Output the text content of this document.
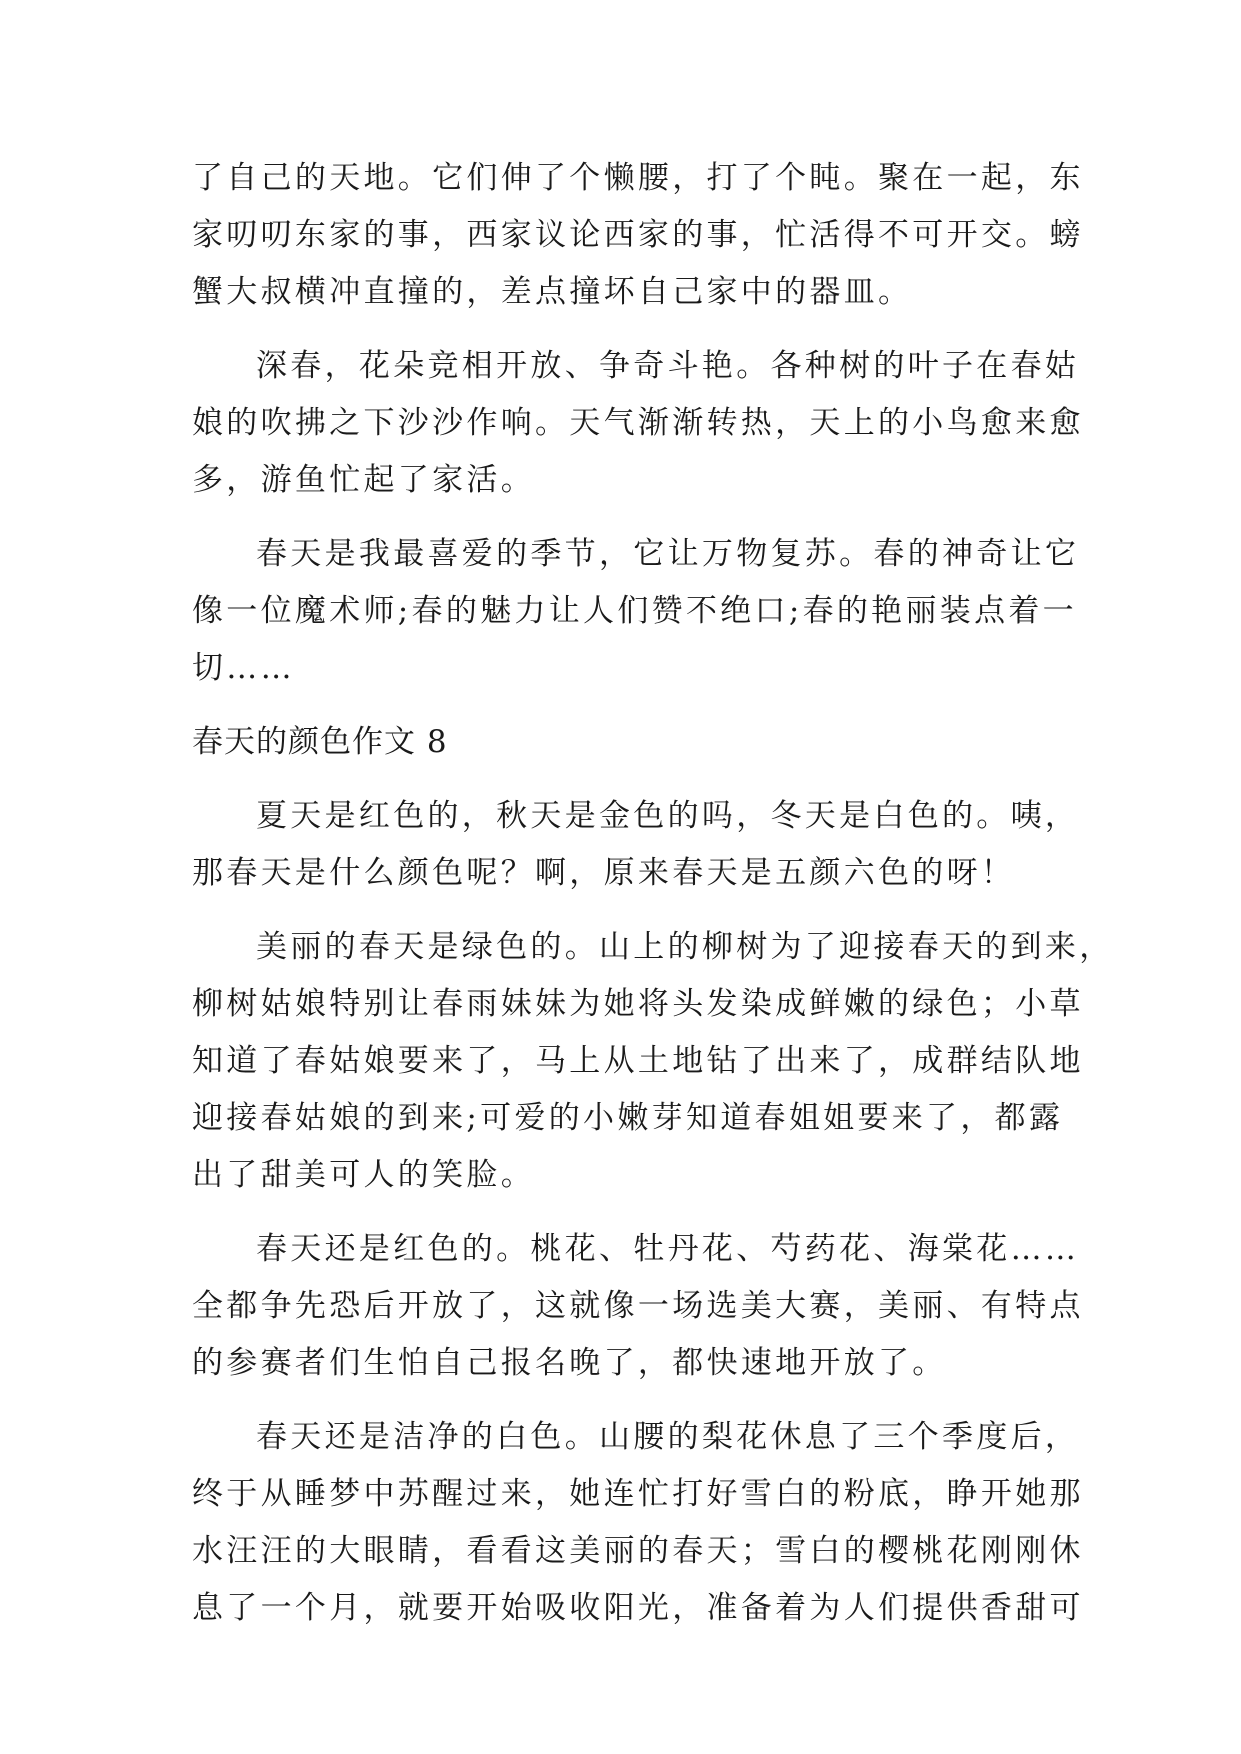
了自己的天地。它们伸了个懒腰，打了个盹。聚在一起，东
家叨叨东家的事，西家议论西家的事，忙活得不可开交。螃
蟹大叔横冲直撞的，差点撞坏自己家中的器皿。
深春，花朵竞相开放、争奇斗艳。各种树的叶子在春姑
娘的吹拂之下沙沙作响。天气渐渐转热，天上的小鸟愈来愈
多，游鱼忙起了家活。
春天是我最喜爱的季节，它让万物复苏。春的神奇让它
像一位魔术师;春的魅力让人们赞不绝口;春的艳丽装点着一
切……
春天的颜色作文 8
夏天是红色的，秋天是金色的吗，冬天是白色的。咦，
那春天是什么颜色呢？啊，原来春天是五颜六色的呀！
美丽的春天是绿色的。山上的柳树为了迎接春天的到来，
柳树姑娘特别让春雨妹妹为她将头发染成鲜嫩的绿色；小草
知道了春姑娘要来了，马上从土地钻了出来了，成群结队地
迎接春姑娘的到来;可爱的小嫩芽知道春姐姐要来了，都露
出了甜美可人的笑脸。
春天还是红色的。桃花、牡丹花、芍药花、海棠花……
全都争先恐后开放了，这就像一场选美大赛，美丽、有特点
的参赛者们生怕自己报名晚了，都快速地开放了。
春天还是洁净的白色。山腰的梨花休息了三个季度后，
终于从睡梦中苏醒过来，她连忙打好雪白的粉底，睁开她那
水汪汪的大眼睛，看看这美丽的春天；雪白的樱桃花刚刚休
息了一个月，就要开始吸收阳光，准备着为人们提供香甜可
